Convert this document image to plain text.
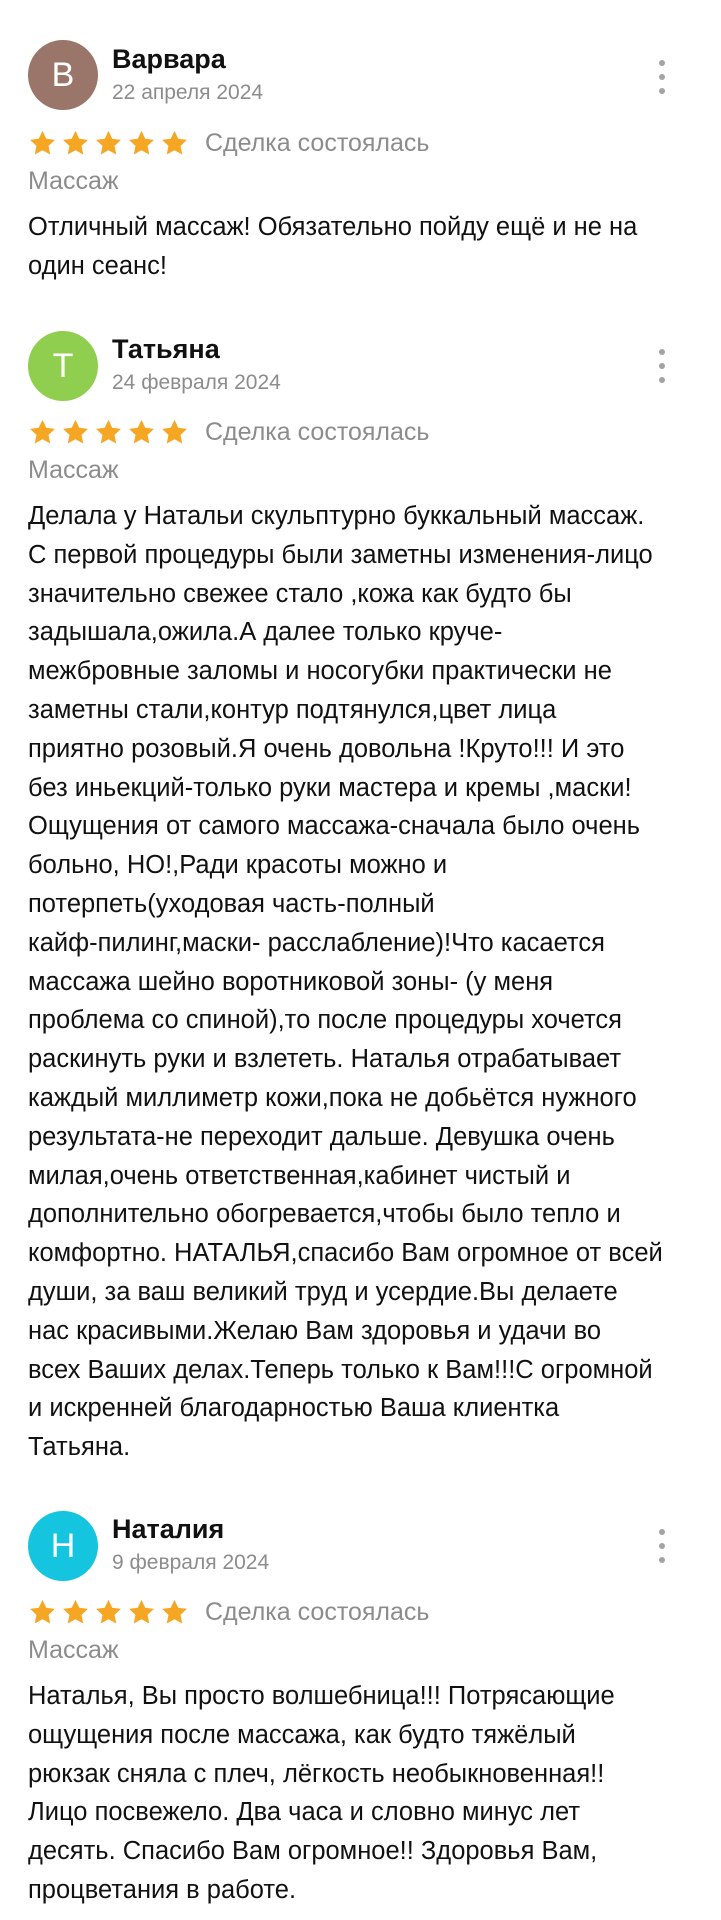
В	Варвара
22 апреля 2024
Сделка состоялась
Массаж
Отличный массаж! Обязательно пойду ещё и не на
один сеанс!
Т	Татьяна
24 февраля 2024
Сделка состоялась
Массаж
Делала у Натальи скульптурно буккальный массаж.
С первой процедуры были заметны изменения-лицо
значительно свежее стало ,кожа как будто бы
задышала,ожила.А далее только круче-
межбровные заломы и носогубки практически не
заметны стали,контур подтянулся,цвет лица
приятно розовый.Я очень довольна !Круто!!! И это
без иньекций-только руки мастера и кремы ,маски!
Ощущения от самого массажа-сначала было очень
больно, НО!,Ради красоты можно и
потерпеть(уходовая часть-полный
кайф-пилинг,маски- расслабление)!Что касается
массажа шейно воротниковой зоны- (у меня
проблема со спиной),то после процедуры хочется
раскинуть руки и взлететь. Наталья отрабатывает
каждый миллиметр кожи,пока не добьётся нужного
результата-не переходит дальше. Девушка очень
милая,очень ответственная,кабинет чистый и
дополнительно обогревается,чтобы было тепло и
комфортно. НАТАЛЬЯ,спасибо Вам огромное от всей
души, за ваш великий труд и усердие.Вы делаете
нас красивыми.Желаю Вам здоровья и удачи во
всех Ваших делах.Теперь только к Вам!!!С огромной
и искренней благодарностью Ваша клиентка
Татьяна.
Н	Наталия
9 февраля 2024
Сделка состоялась
Массаж
Наталья, Вы просто волшебница!!! Потрясающие
ощущения после массажа, как будто тяжёлый
рюкзак сняла с плеч, лёгкость необыкновенная!!
Лицо посвежело. Два часа и словно минус лет
десять. Спасибо Вам огромное!! Здоровья Вам,
процветания в работе.
